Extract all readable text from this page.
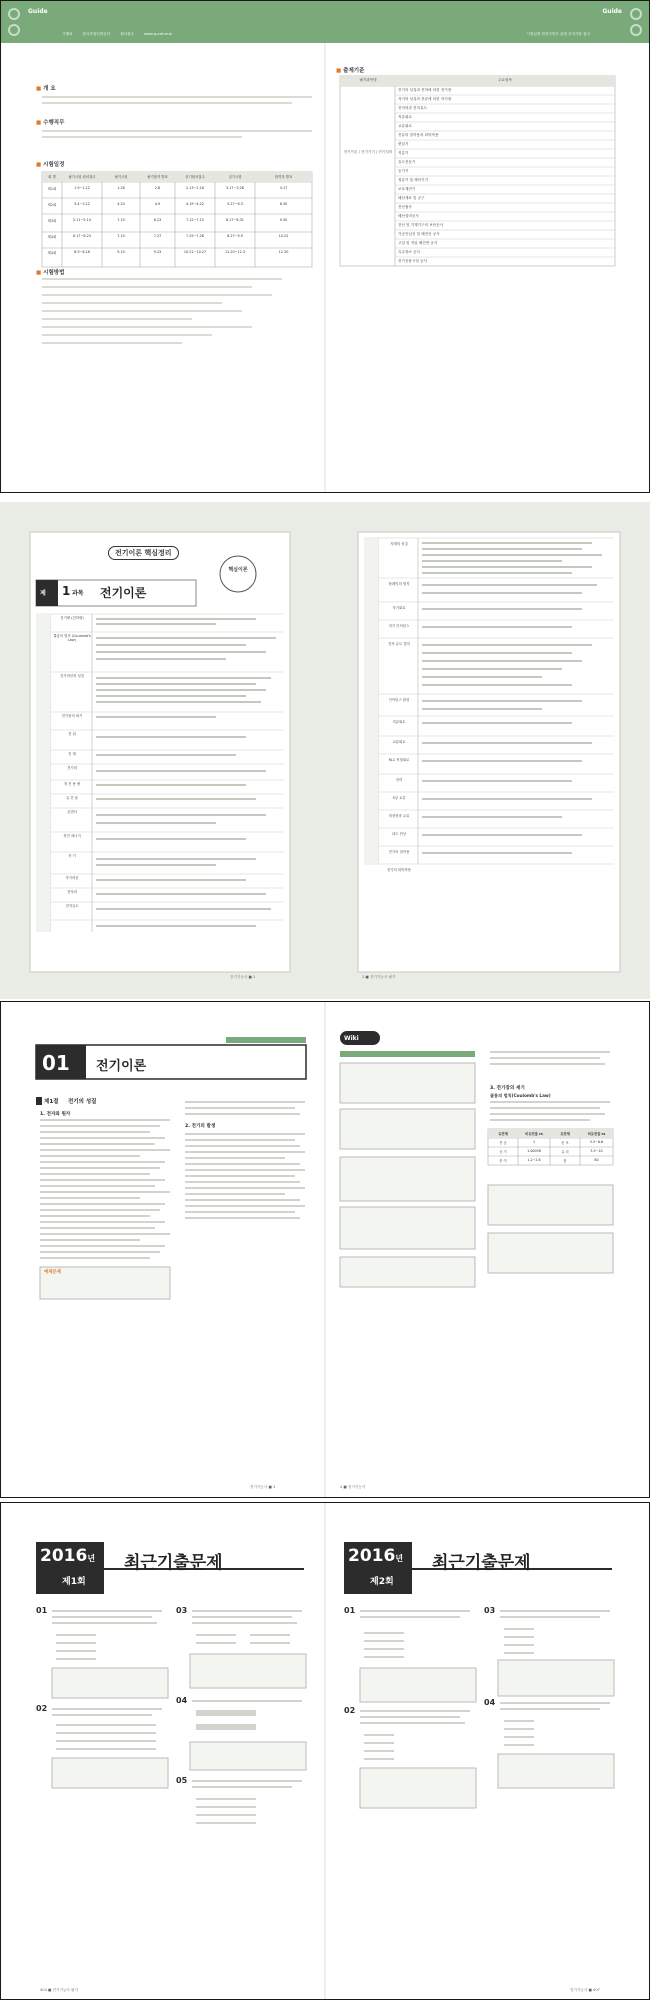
Guide	Guide
시행처	한국산업인력공단	원서접수	www.q-net.or.kr	시험일정 변경사항은 큐넷 공지사항 참고
■ 개 요
■ 수행직무
■ 시험일정
■ 시험방법
■ 출제기준
회 별	필기시험 원서접수	필기시험	필기합격 발표	실기원서접수	실기시험	합격자 발표
제1회	1.9~1.12	1.26	2.8	2.13~2.16	3.17~3.28	4.17
제2회	3.4~3.12	4.24	4.9	4.19~4.22	5.27~6.3	6.30
제3회	5.11~5.14	7.10	6.23	7.12~7.15	8.17~8.31	9.30
제4회	6.17~6.23	7.10	7.27	7.25~7.28	8.27~9.9	10.22
제4회	8.9~8.16	9.10	9.23	10.21~10.27	11.20~12.3	12.30
필기과목명	주요항목
전기이론 / 전기기기 / 전기설비
전기의 성질과 전하에 의한 전기장
자기의 성질과 전류에 의한 자기장
전자력과 전자유도
직류회로
교류회로
전류의 열작용과 화학작용
변압기
직류기
유도전동기
동기기
정류기 및 제어기기
보호계전기
배선재료 및 공구
전선접속
배선설비공사
전선 및 기계기구의 보안공사
가공인입선 및 배전선 공사
고압 및 저압 배전반 공사
특수장소 공사
전기응용시설 공사
전기이론 핵심정리
핵심이론
제 1 과목 전기이론
전기량 (전하량)
쿨롱의 법칙 (Coulomb's Law)
전기력선의 성질
전기장의 세기
전 위
전 계
전기력
정 전 용 량
유 전 율
콘덴서
정전 에너지
자 기
자기력선
전자력
전자유도
자계의 성질
플레밍의 법칙
자기회로
자기 인덕턴스
전자 유도 법칙
인덕턴스 합성
직류회로
교류회로
RLC 직렬회로
전력
3상 교류
비정현파 교류
과도 현상
전기의 열작용
전기의 화학작용
전기기능사 ■ 1	2 ■ 전기기능사 필기
01 전기이론
제1절 전기의 성질
1. 전자와 원자
2. 전기의 발생
예제문제
Wiki
3. 전기장의 세기
쿨롱의 법칙(Coulomb's Law)
유전체	비유전율 εs	유전체	비유전율 εs
진 공	1	운 모	5.5~6.6
공 기	1.00058	유 리	3.5~10
종 이	1.2~2.6	물	80
전기기능사 ■ 3	4 ■ 전기기능사
2016년
제1회
최근기출문제	2016년
제2회
최근기출문제
01
02
03
04
05
01
02
03
04
404 ■ 전기기능사 필기	전기기능사 ■ 407
